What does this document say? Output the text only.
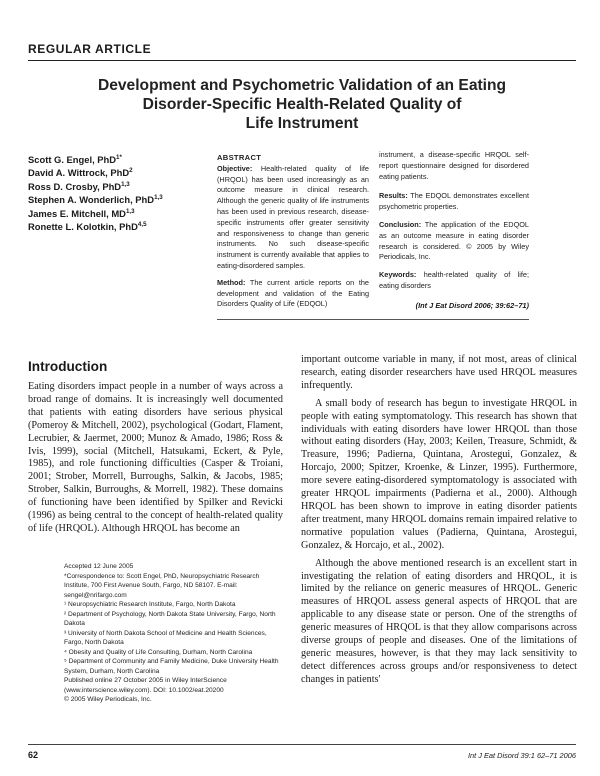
REGULAR ARTICLE
Development and Psychometric Validation of an Eating
Disorder-Specific Health-Related Quality of
Life Instrument
Scott G. Engel, PhD$^{1*}$
David A. Wittrock, PhD$^2$
Ross D. Crosby, PhD$^{1,3}$
Stephen A. Wonderlich, PhD$^{1,3}$
James E. Mitchell, MD$^{1,3}$
Ronette L. Kolotkin, PhD$^{4,5}$
ABSTRACT

Objective: Health-related quality of life (HRQOL) has been used increasingly as an outcome measure in clinical research. Although the generic quality of life instruments has been used in previous research, disease-specific instruments offer greater sensitivity and responsiveness to change than generic instruments. No such disease-specific instrument is currently available that applies to eating-disordered samples.

Method: The current article reports on the development and validation of the Eating Disorders Quality of Life (EDQOL)

instrument, a disease-specific HRQOL self-report questionnaire designed for disordered eating patients.

Results: The EDQOL demonstrates excellent psychometric properties.

Conclusion: The application of the EDQOL as an outcome measure in eating disorder research is considered. © 2005 by Wiley Periodicals, Inc.

Keywords: health-related quality of life; eating disorders

(Int J Eat Disord 2006; 39:62–71)
Introduction

Eating disorders impact people in a number of ways across a broad range of domains. It is increasingly well documented that patients with eating disorders have serious physical (Pomeroy & Mitchell, 2002), psychological (Godart, Flament, Lecrubier, & Jaermet, 2000; Munoz & Amado, 1986; Ross & Ivis, 1999), social (Mitchell, Hatsukami, Eckert, & Pyle, 1985), and role functioning difficulties (Casper & Troiani, 2001; Strober, Morrell, Burroughs, Salkin, & Jacobs, 1985; Strober, Salkin, Burroughs, & Morrell, 1982). These domains of functioning have been identified by Spilker and Revicki (1996) as being central to the concept of health-related quality of life (HRQOL). Although HRQOL has become an

important outcome variable in many, if not most, areas of clinical research, eating disorder researchers have used HRQOL measures infrequently.

A small body of research has begun to investigate HRQOL in people with eating symptomatology. This research has shown that individuals with eating disorders have lower HRQOL than those without eating disorders (Hay, 2003; Keilen, Treasure, Schmidt, & Treasure, 1996; Padierna, Quintana, Arostegui, Gonzalez, & Horcajo, 2000; Spitzer, Kroenke, & Linzer, 1995). Furthermore, more severe eating-disordered symptomatology is associated with greater HRQOL impairments (Padierna et al., 2000). Although HRQOL has been shown to improve in eating disorder patients after treatment, many HRQOL domains remain impaired relative to normative population values (Padierna, Quintana, Arostegui, Gonzalez, & Horcajo, et al., 2002).

Although the above mentioned research is an excellent start in investigating the relation of eating disorders and HRQOL, it is limited by the reliance on generic measures of HRQOL. Generic measures of HRQOL assess general aspects of HRQOL that are applicable to any disease state or person. One of the strengths of generic measures of HRQOL is that they allow comparisons across diverse groups of people and diseases. One of the limitations of generic measures, however, is that they may lack sensitivity to detect differences across groups and/or responsiveness to detect changes in patients'

Accepted 12 June 2005
*Correspondence to: Scott Engel, PhD, Neuropsychiatric Research Institute, 700 First Avenue South, Fargo, ND 58107. E-mail: sengel@nrifargo.com
¹ Neuropsychiatric Research Institute, Fargo, North Dakota
² Department of Psychology, North Dakota State University, Fargo, North Dakota
³ University of North Dakota School of Medicine and Health Sciences, Fargo, North Dakota
⁴ Obesity and Quality of Life Consulting, Durham, North Carolina
⁵ Department of Community and Family Medicine, Duke University Health System, Durham, North Carolina
Published online 27 October 2005 in Wiley InterScience (www.interscience.wiley.com). DOI: 10.1002/eat.20200
© 2005 Wiley Periodicals, Inc.
62	Int J Eat Disord 39:1 62–71 2006
